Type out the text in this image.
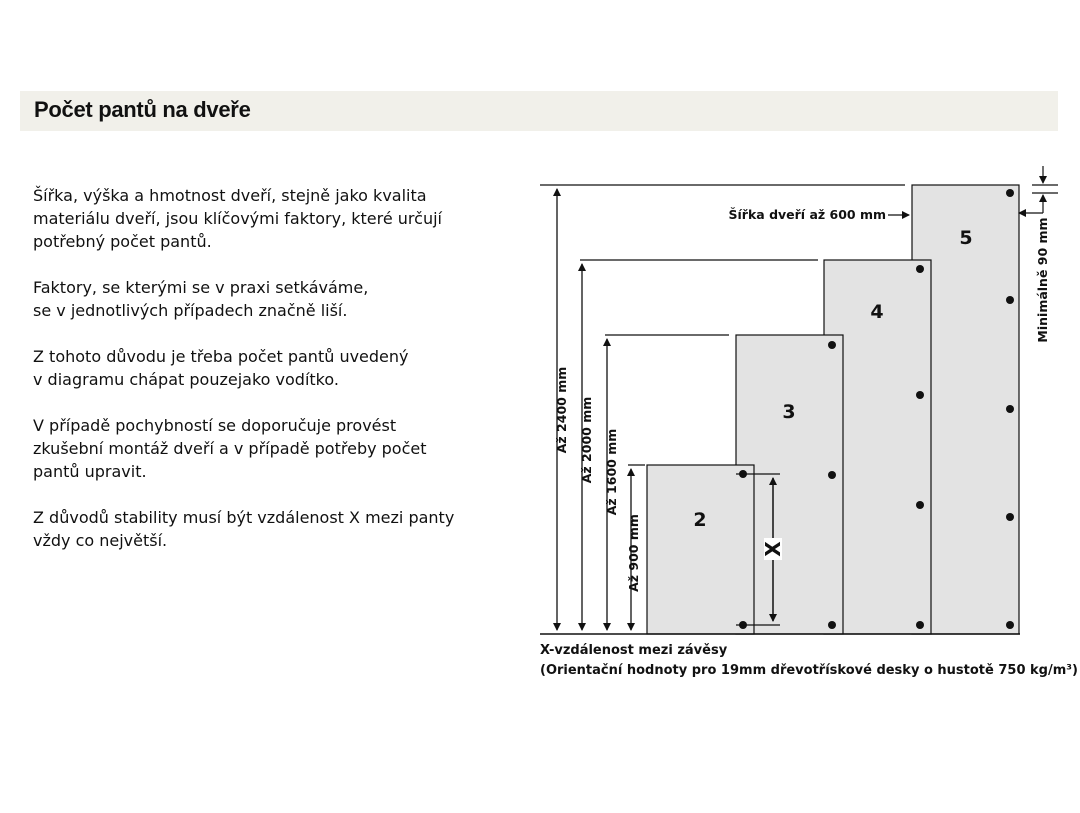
Počet pantů na dveře

Šířka, výška a hmotnost dveří, stejně jako kvalita
materiálu dveří, jsou klíčovými faktory, které určují
potřebný počet pantů.

Faktory, se kterými se v praxi setkáváme,
se v jednotlivých případech značně liší.

Z tohoto důvodu je třeba počet pantů uvedený
v diagramu chápat pouzejako vodítko.

V případě pochybností se doporučuje provést
zkušební montáž dveří a v případě potřeby počet
pantů upravit.

Z důvodů stability musí být vzdálenost X mezi panty
vždy co největší.

2
3
4
5
Až 2400 mm Až 2000 mm Až 1600 mm
Až 900 mm	X
Šířka dveří až 600 mm
Minimálně 90 mm
X-vzdálenost mezi závěsy
(Orientační hodnoty pro 19mm dřevotřískové desky o hustotě 750 kg/m³)
